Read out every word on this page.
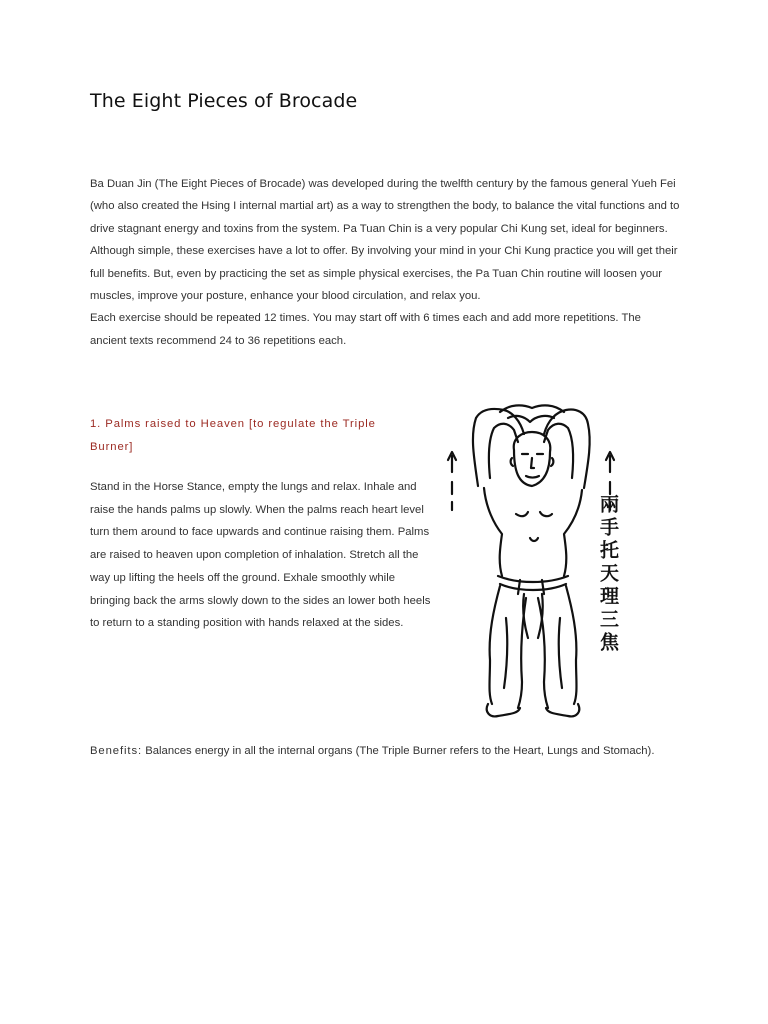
The Eight Pieces of Brocade

Ba Duan Jin (The Eight Pieces of Brocade) was developed during the twelfth century by the famous general Yueh Fei (who also created the Hsing I internal martial art) as a way to strengthen the body, to balance the vital functions and to drive stagnant energy and toxins from the system. Pa Tuan Chin is a very popular Chi Kung set, ideal for beginners. Although simple, these exercises have a lot to offer. By involving your mind in your Chi Kung practice you will get their full benefits. But, even by practicing the set as simple physical exercises, the Pa Tuan Chin routine will loosen your muscles, improve your posture, enhance your blood circulation, and relax you.

Each exercise should be repeated 12 times. You may start off with 6 times each and add more repetitions. The ancient texts recommend 24 to 36 repetitions each.

1. Palms raised to Heaven [to regulate the Triple Burner]
Stand in the Horse Stance, empty the lungs and relax. Inhale and raise the hands palms up slowly. When the palms reach heart level turn them around to face upwards and continue raising them. Palms are raised to heaven upon completion of inhalation. Stretch all the way up lifting the heels off the ground. Exhale smoothly while bringing back the arms slowly down to the sides an lower both heels to return to a standing position with hands relaxed at the sides.	兩手托天理三焦
Benefits: Balances energy in all the internal organs (The Triple Burner refers to the Heart, Lungs and Stomach).
